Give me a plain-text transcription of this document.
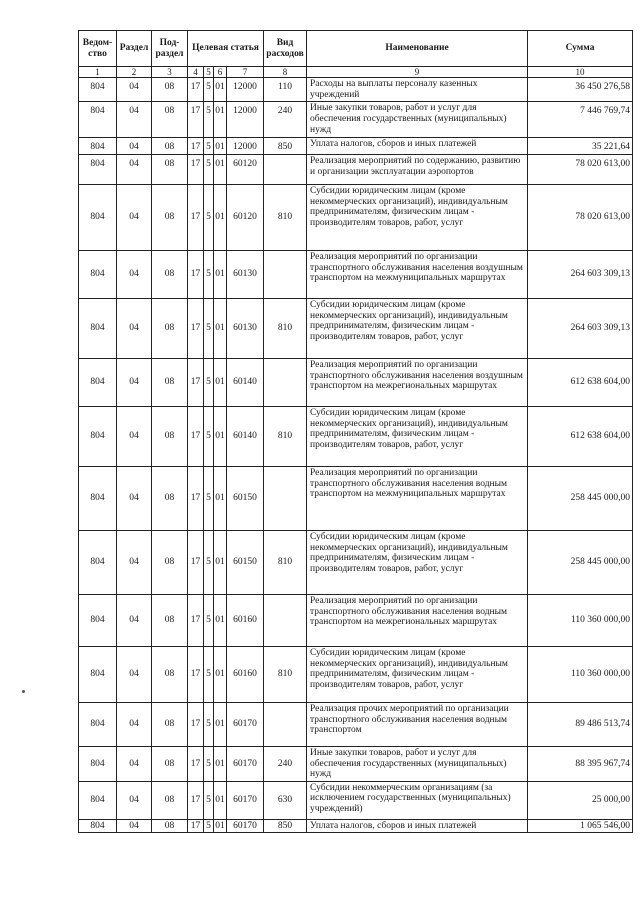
Ведом-ство	Раздел	Под-раздел	Целевая статья				Вид расходов	Наименование	Сумма
1	2	3	4	5	6	7	8	9	10
804	04	08	17	5	01	12000	110	Расходы на выплаты персоналу казенных учреждений	36 450 276,58
804	04	08	17	5	01	12000	240	Иные закупки товаров, работ и услуг для обеспечения государственных (муниципальных) нужд	7 446 769,74
804	04	08	17	5	01	12000	850	Уплата налогов, сборов и иных платежей	35 221,64
804	04	08	17	5	01	60120		Реализация мероприятий по содержанию, развитию и организации эксплуатации аэропортов	78 020 613,00
804	04	08	17	5	01	60120	810	Субсидии юридическим лицам (кроме некоммерческих организаций), индивидуальным предпринимателям, физическим лицам - производителям товаров, работ, услуг	78 020 613,00
804	04	08	17	5	01	60130		Реализация мероприятий по организации транспортного обслуживания населения воздушным транспортом на межмуниципальных маршрутах	264 603 309,13
804	04	08	17	5	01	60130	810	Субсидии юридическим лицам (кроме некоммерческих организаций), индивидуальным предпринимателям, физическим лицам - производителям товаров, работ, услуг	264 603 309,13
804	04	08	17	5	01	60140		Реализация мероприятий по организации транспортного обслуживания населения воздушным транспортом на межрегиональных маршрутах	612 638 604,00
804	04	08	17	5	01	60140	810	Субсидии юридическим лицам (кроме некоммерческих организаций), индивидуальным предпринимателям, физическим лицам - производителям товаров, работ, услуг	612 638 604,00
804	04	08	17	5	01	60150		Реализация мероприятий по организации транспортного обслуживания населения водным транспортом на межмуниципальных маршрутах	258 445 000,00
804	04	08	17	5	01	60150	810	Субсидии юридическим лицам (кроме некоммерческих организаций), индивидуальным предпринимателям, физическим лицам - производителям товаров, работ, услуг	258 445 000,00
804	04	08	17	5	01	60160		Реализация мероприятий по организации транспортного обслуживания населения водным транспортом на межрегиональных маршрутах	110 360 000,00
804	04	08	17	5	01	60160	810	Субсидии юридическим лицам (кроме некоммерческих организаций), индивидуальным предпринимателям, физическим лицам - производителям товаров, работ, услуг	110 360 000,00
804	04	08	17	5	01	60170		Реализация прочих мероприятий по организации транспортного обслуживания населения водным транспортом	89 486 513,74
804	04	08	17	5	01	60170	240	Иные закупки товаров, работ и услуг для обеспечения государственных (муниципальных) нужд	88 395 967,74
804	04	08	17	5	01	60170	630	Субсидии некоммерческим организациям (за исключением государственных (муниципальных) учреждений)	25 000,00
804	04	08	17	5	01	60170	850	Уплата налогов, сборов и иных платежей	1 065 546,00
